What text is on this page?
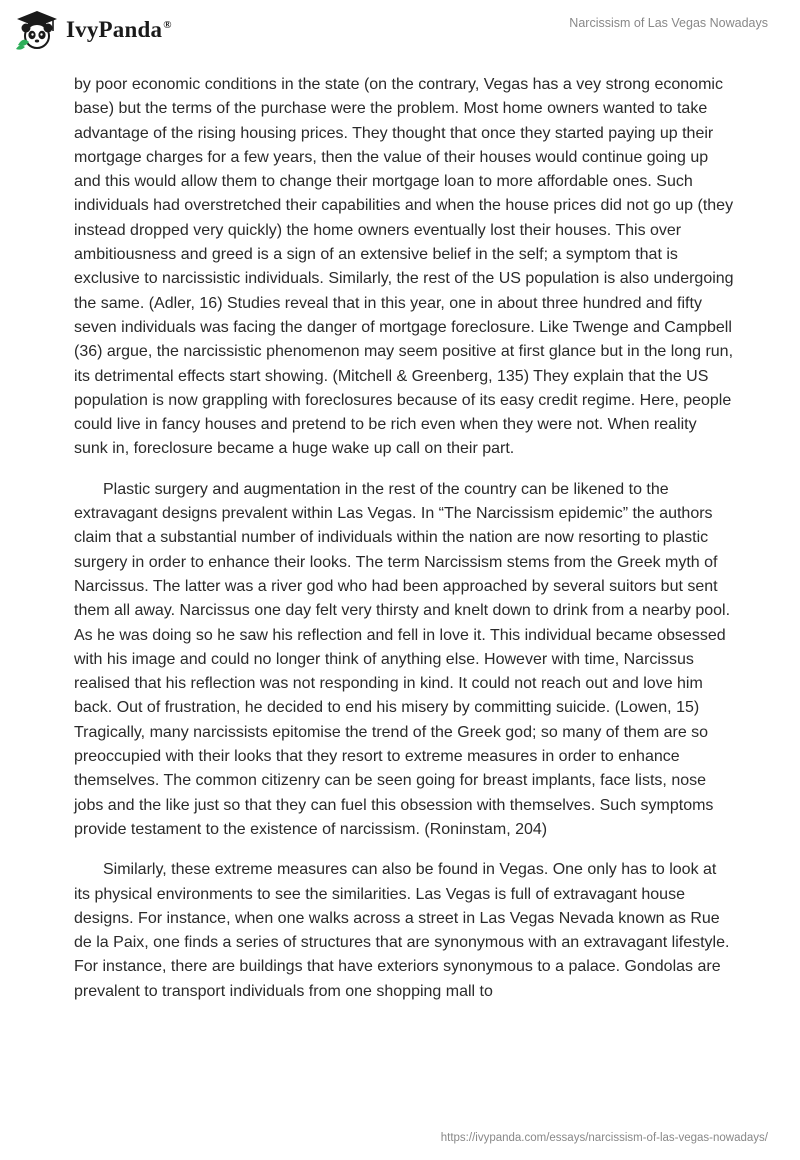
IvyPanda®	Narcissism of Las Vegas Nowadays

by poor economic conditions in the state (on the contrary, Vegas has a vey strong economic base) but the terms of the purchase were the problem. Most home owners wanted to take advantage of the rising housing prices. They thought that once they started paying up their mortgage charges for a few years, then the value of their houses would continue going up and this would allow them to change their mortgage loan to more affordable ones. Such individuals had overstretched their capabilities and when the house prices did not go up (they instead dropped very quickly) the home owners eventually lost their houses. This over ambitiousness and greed is a sign of an extensive belief in the self; a symptom that is exclusive to narcissistic individuals. Similarly, the rest of the US population is also undergoing the same. (Adler, 16) Studies reveal that in this year, one in about three hundred and fifty seven individuals was facing the danger of mortgage foreclosure. Like Twenge and Campbell (36) argue, the narcissistic phenomenon may seem positive at first glance but in the long run, its detrimental effects start showing. (Mitchell & Greenberg, 135) They explain that the US population is now grappling with foreclosures because of its easy credit regime. Here, people could live in fancy houses and pretend to be rich even when they were not. When reality sunk in, foreclosure became a huge wake up call on their part.

Plastic surgery and augmentation in the rest of the country can be likened to the extravagant designs prevalent within Las Vegas. In “The Narcissism epidemic” the authors claim that a substantial number of individuals within the nation are now resorting to plastic surgery in order to enhance their looks. The term Narcissism stems from the Greek myth of Narcissus. The latter was a river god who had been approached by several suitors but sent them all away. Narcissus one day felt very thirsty and knelt down to drink from a nearby pool. As he was doing so he saw his reflection and fell in love it. This individual became obsessed with his image and could no longer think of anything else. However with time, Narcissus realised that his reflection was not responding in kind. It could not reach out and love him back. Out of frustration, he decided to end his misery by committing suicide. (Lowen, 15) Tragically, many narcissists epitomise the trend of the Greek god; so many of them are so preoccupied with their looks that they resort to extreme measures in order to enhance themselves. The common citizenry can be seen going for breast implants, face lists, nose jobs and the like just so that they can fuel this obsession with themselves. Such symptoms provide testament to the existence of narcissism. (Roninstam, 204)

Similarly, these extreme measures can also be found in Vegas. One only has to look at its physical environments to see the similarities. Las Vegas is full of extravagant house designs. For instance, when one walks across a street in Las Vegas Nevada known as Rue de la Paix, one finds a series of structures that are synonymous with an extravagant lifestyle. For instance, there are buildings that have exteriors synonymous to a palace. Gondolas are prevalent to transport individuals from one shopping mall to

https://ivypanda.com/essays/narcissism-of-las-vegas-nowadays/
